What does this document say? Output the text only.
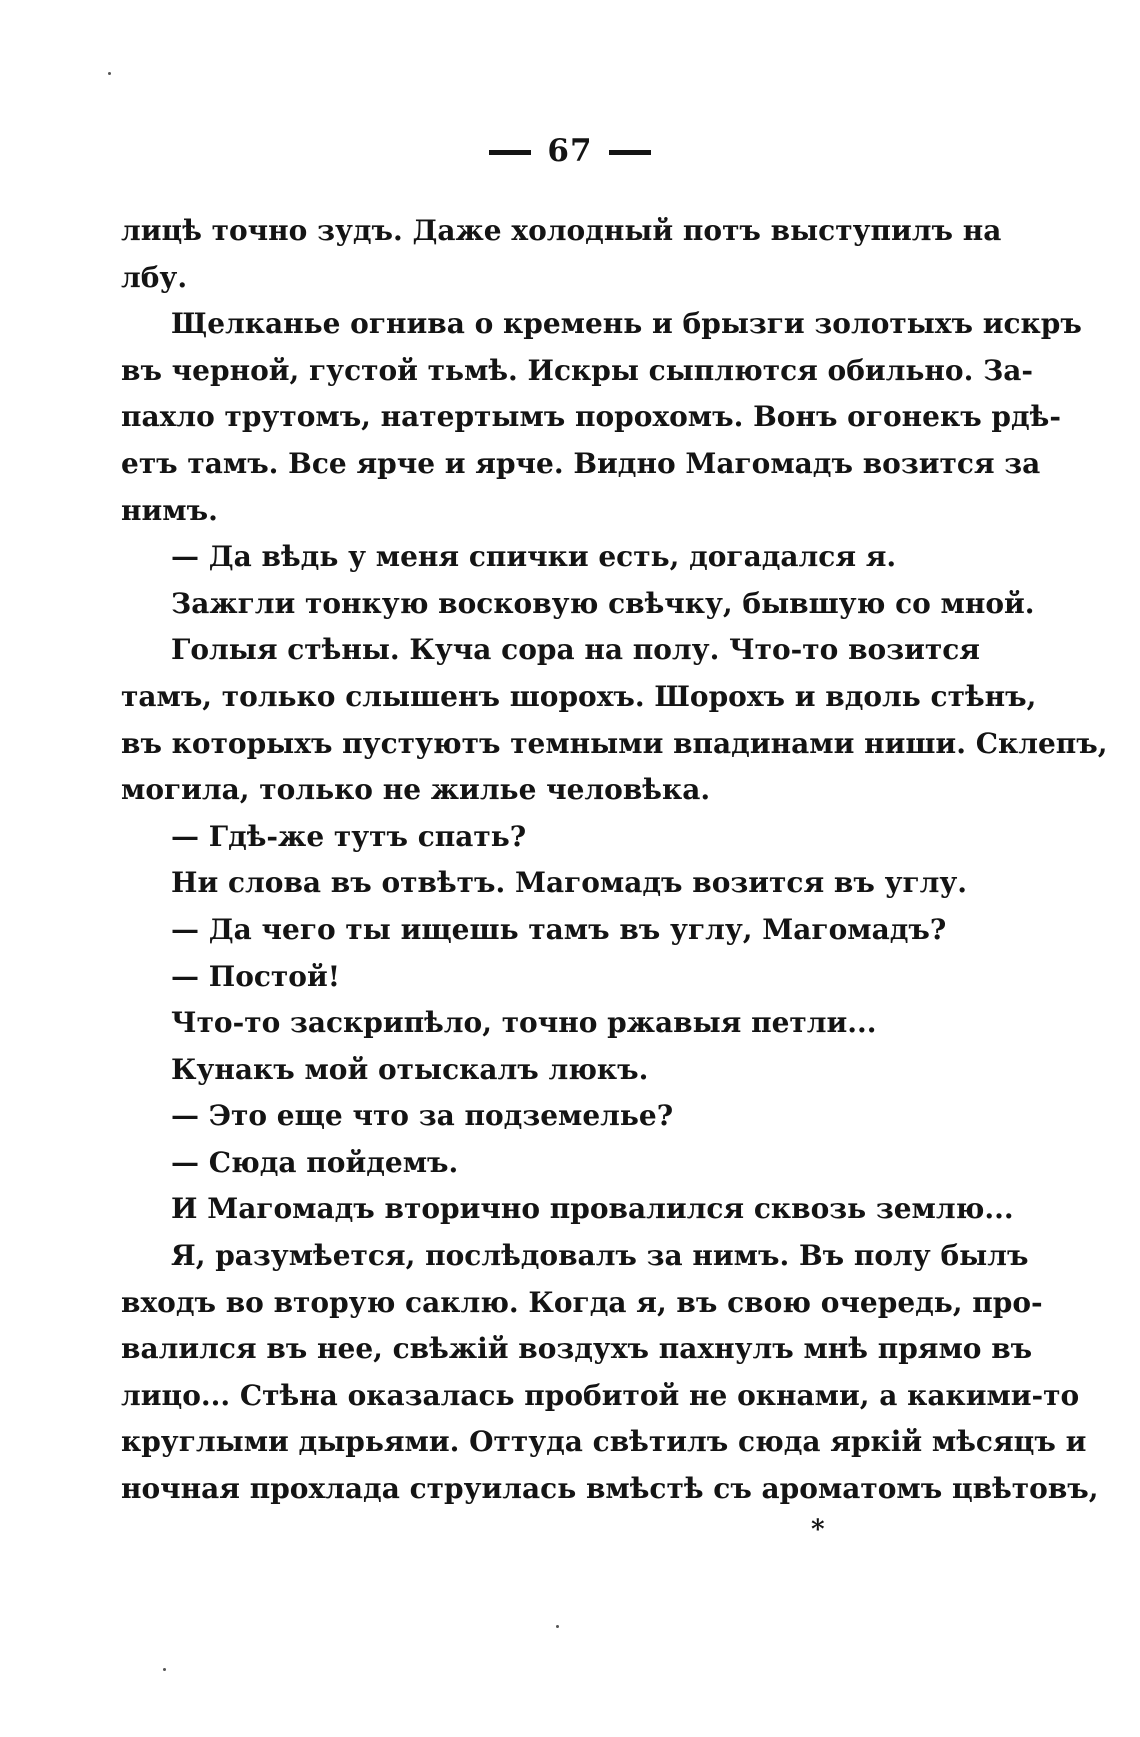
67
лицѣ точно зудъ. Даже холодный потъ выступилъ на
лбу.
Щелканье огнива о кремень и брызги золотыхъ искръ
въ черной, густой тьмѣ. Искры сыплются обильно. За-
пахло трутомъ, натертымъ порохомъ. Вонъ огонекъ рдѣ-
етъ тамъ. Все ярче и ярче. Видно Магомадъ возится за
нимъ.
— Да вѣдь у меня спички есть, догадался я.
Зажгли тонкую восковую свѣчку, бывшую со мной.
Голыя стѣны. Куча сора на полу. Что-то возится
тамъ, только слышенъ шорохъ. Шорохъ и вдоль стѣнъ,
въ которыхъ пустуютъ темными впадинами ниши. Склепъ,
могила, только не жилье человѣка.
— Гдѣ-же тутъ спать?
Ни слова въ отвѣтъ. Магомадъ возится въ углу.
— Да чего ты ищешь тамъ въ углу, Магомадъ?
— Постой!
Что-то заскрипѣло, точно ржавыя петли...
Кунакъ мой отыскалъ люкъ.
— Это еще что за подземелье?
— Сюда пойдемъ.
И Магомадъ вторично провалился сквозь землю...
Я, разумѣется, послѣдовалъ за нимъ. Въ полу былъ
входъ во вторую саклю. Когда я, въ свою очередь, про-
валился въ нее, свѣжій воздухъ пахнулъ мнѣ прямо въ
лицо... Стѣна оказалась пробитой не окнами, а какими-то
круглыми дырьями. Оттуда свѣтилъ сюда яркій мѣсяцъ и
ночная прохлада струилась вмѣстѣ съ ароматомъ цвѣтовъ,
*
